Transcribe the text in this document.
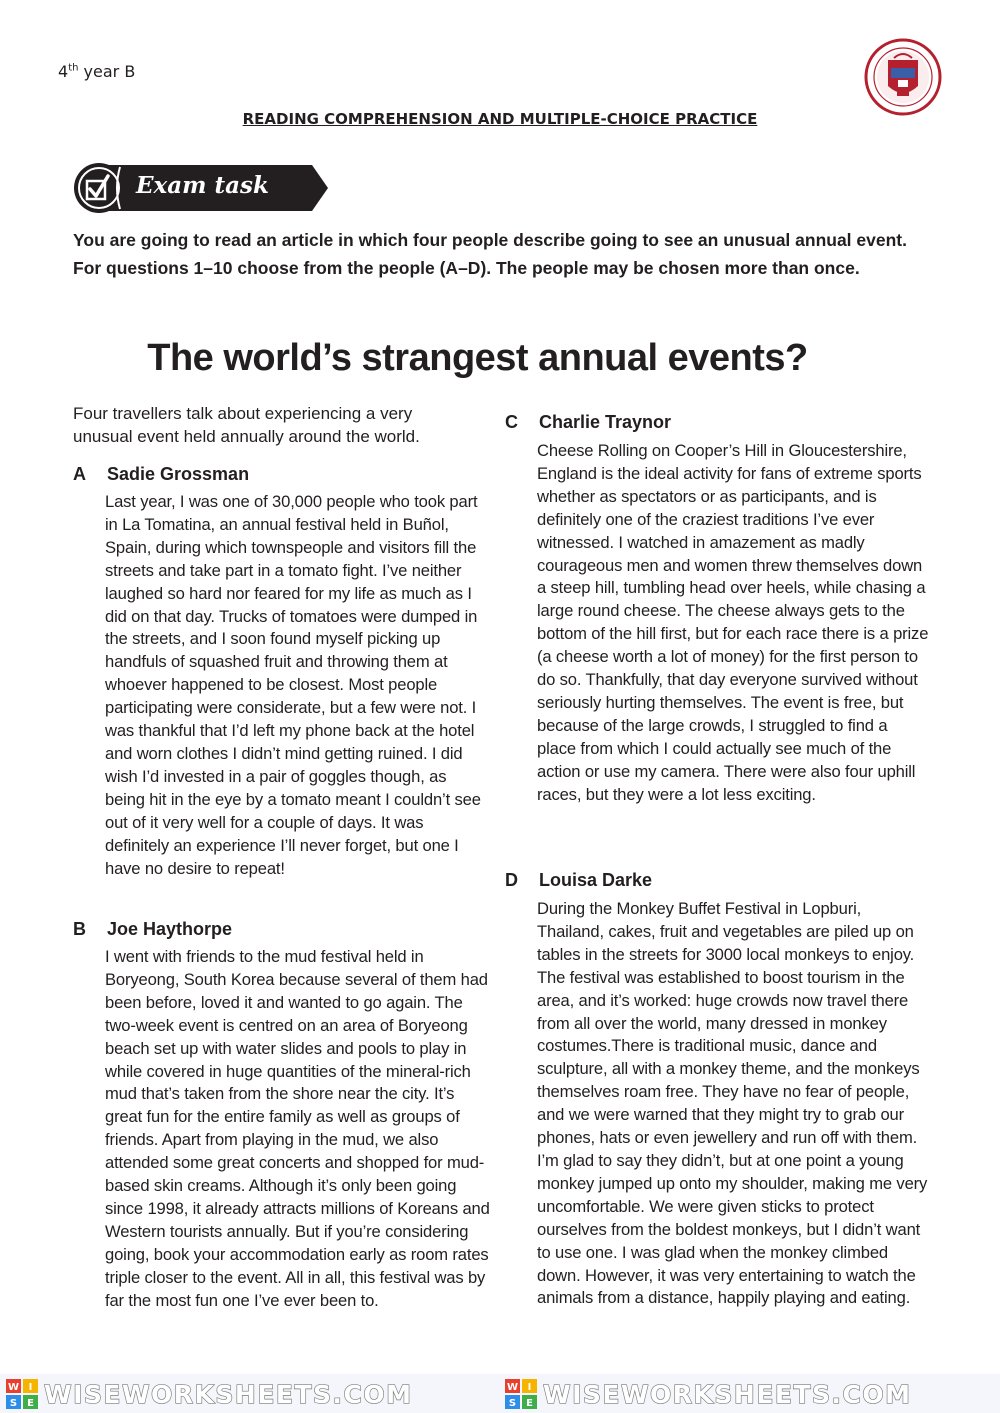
4th year B
READING COMPREHENSION AND MULTIPLE-CHOICE PRACTICE
Exam task
You are going to read an article in which four people describe going to see an unusual annual event. For questions 1–10 choose from the people (A–D). The people may be chosen more than once.
The world’s strangest annual events?
Four travellers talk about experiencing a very unusual event held annually around the world.
A Sadie Grossman
Last year, I was one of 30,000 people who took part in La Tomatina, an annual festival held in Buñol, Spain, during which townspeople and visitors fill the streets and take part in a tomato fight. I’ve neither laughed so hard nor feared for my life as much as I did on that day. Trucks of tomatoes were dumped in the streets, and I soon found myself picking up handfuls of squashed fruit and throwing them at whoever happened to be closest. Most people participating were considerate, but a few were not. I was thankful that I’d left my phone back at the hotel and worn clothes I didn’t mind getting ruined. I did wish I’d invested in a pair of goggles though, as being hit in the eye by a tomato meant I couldn’t see out of it very well for a couple of days. It was definitely an experience I’ll never forget, but one I have no desire to repeat!
B Joe Haythorpe
I went with friends to the mud festival held in Boryeong, South Korea because several of them had been before, loved it and wanted to go again. The two-week event is centred on an area of Boryeong beach set up with water slides and pools to play in while covered in huge quantities of the mineral-rich mud that’s taken from the shore near the city. It’s great fun for the entire family as well as groups of friends. Apart from playing in the mud, we also attended some great concerts and shopped for mud-based skin creams. Although it’s only been going since 1998, it already attracts millions of Koreans and Western tourists annually. But if you’re considering going, book your accommodation early as room rates triple closer to the event. All in all, this festival was by far the most fun one I’ve ever been to.
C Charlie Traynor
Cheese Rolling on Cooper’s Hill in Gloucestershire, England is the ideal activity for fans of extreme sports whether as spectators or as participants, and is definitely one of the craziest traditions I’ve ever witnessed. I watched in amazement as madly courageous men and women threw themselves down a steep hill, tumbling head over heels, while chasing a large round cheese. The cheese always gets to the bottom of the hill first, but for each race there is a prize (a cheese worth a lot of money) for the first person to do so. Thankfully, that day everyone survived without seriously hurting themselves. The event is free, but because of the large crowds, I struggled to find a place from which I could actually see much of the action or use my camera. There were also four uphill races, but they were a lot less exciting.
D Louisa Darke
During the Monkey Buffet Festival in Lopburi, Thailand, cakes, fruit and vegetables are piled up on tables in the streets for 3000 local monkeys to enjoy. The festival was established to boost tourism in the area, and it’s worked: huge crowds now travel there from all over the world, many dressed in monkey costumes.There is traditional music, dance and sculpture, all with a monkey theme, and the monkeys themselves roam free. They have no fear of people, and we were warned that they might try to grab our phones, hats or even jewellery and run off with them. I’m glad to say they didn’t, but at one point a young monkey jumped up onto my shoulder, making me very uncomfortable. We were given sticks to protect ourselves from the boldest monkeys, but I didn’t want to use one. I was glad when the monkey climbed down. However, it was very entertaining to watch the animals from a distance, happily playing and eating.
W I
S E WISEWORKSHEETS.COM	W I
S E WISEWORKSHEETS.COM
